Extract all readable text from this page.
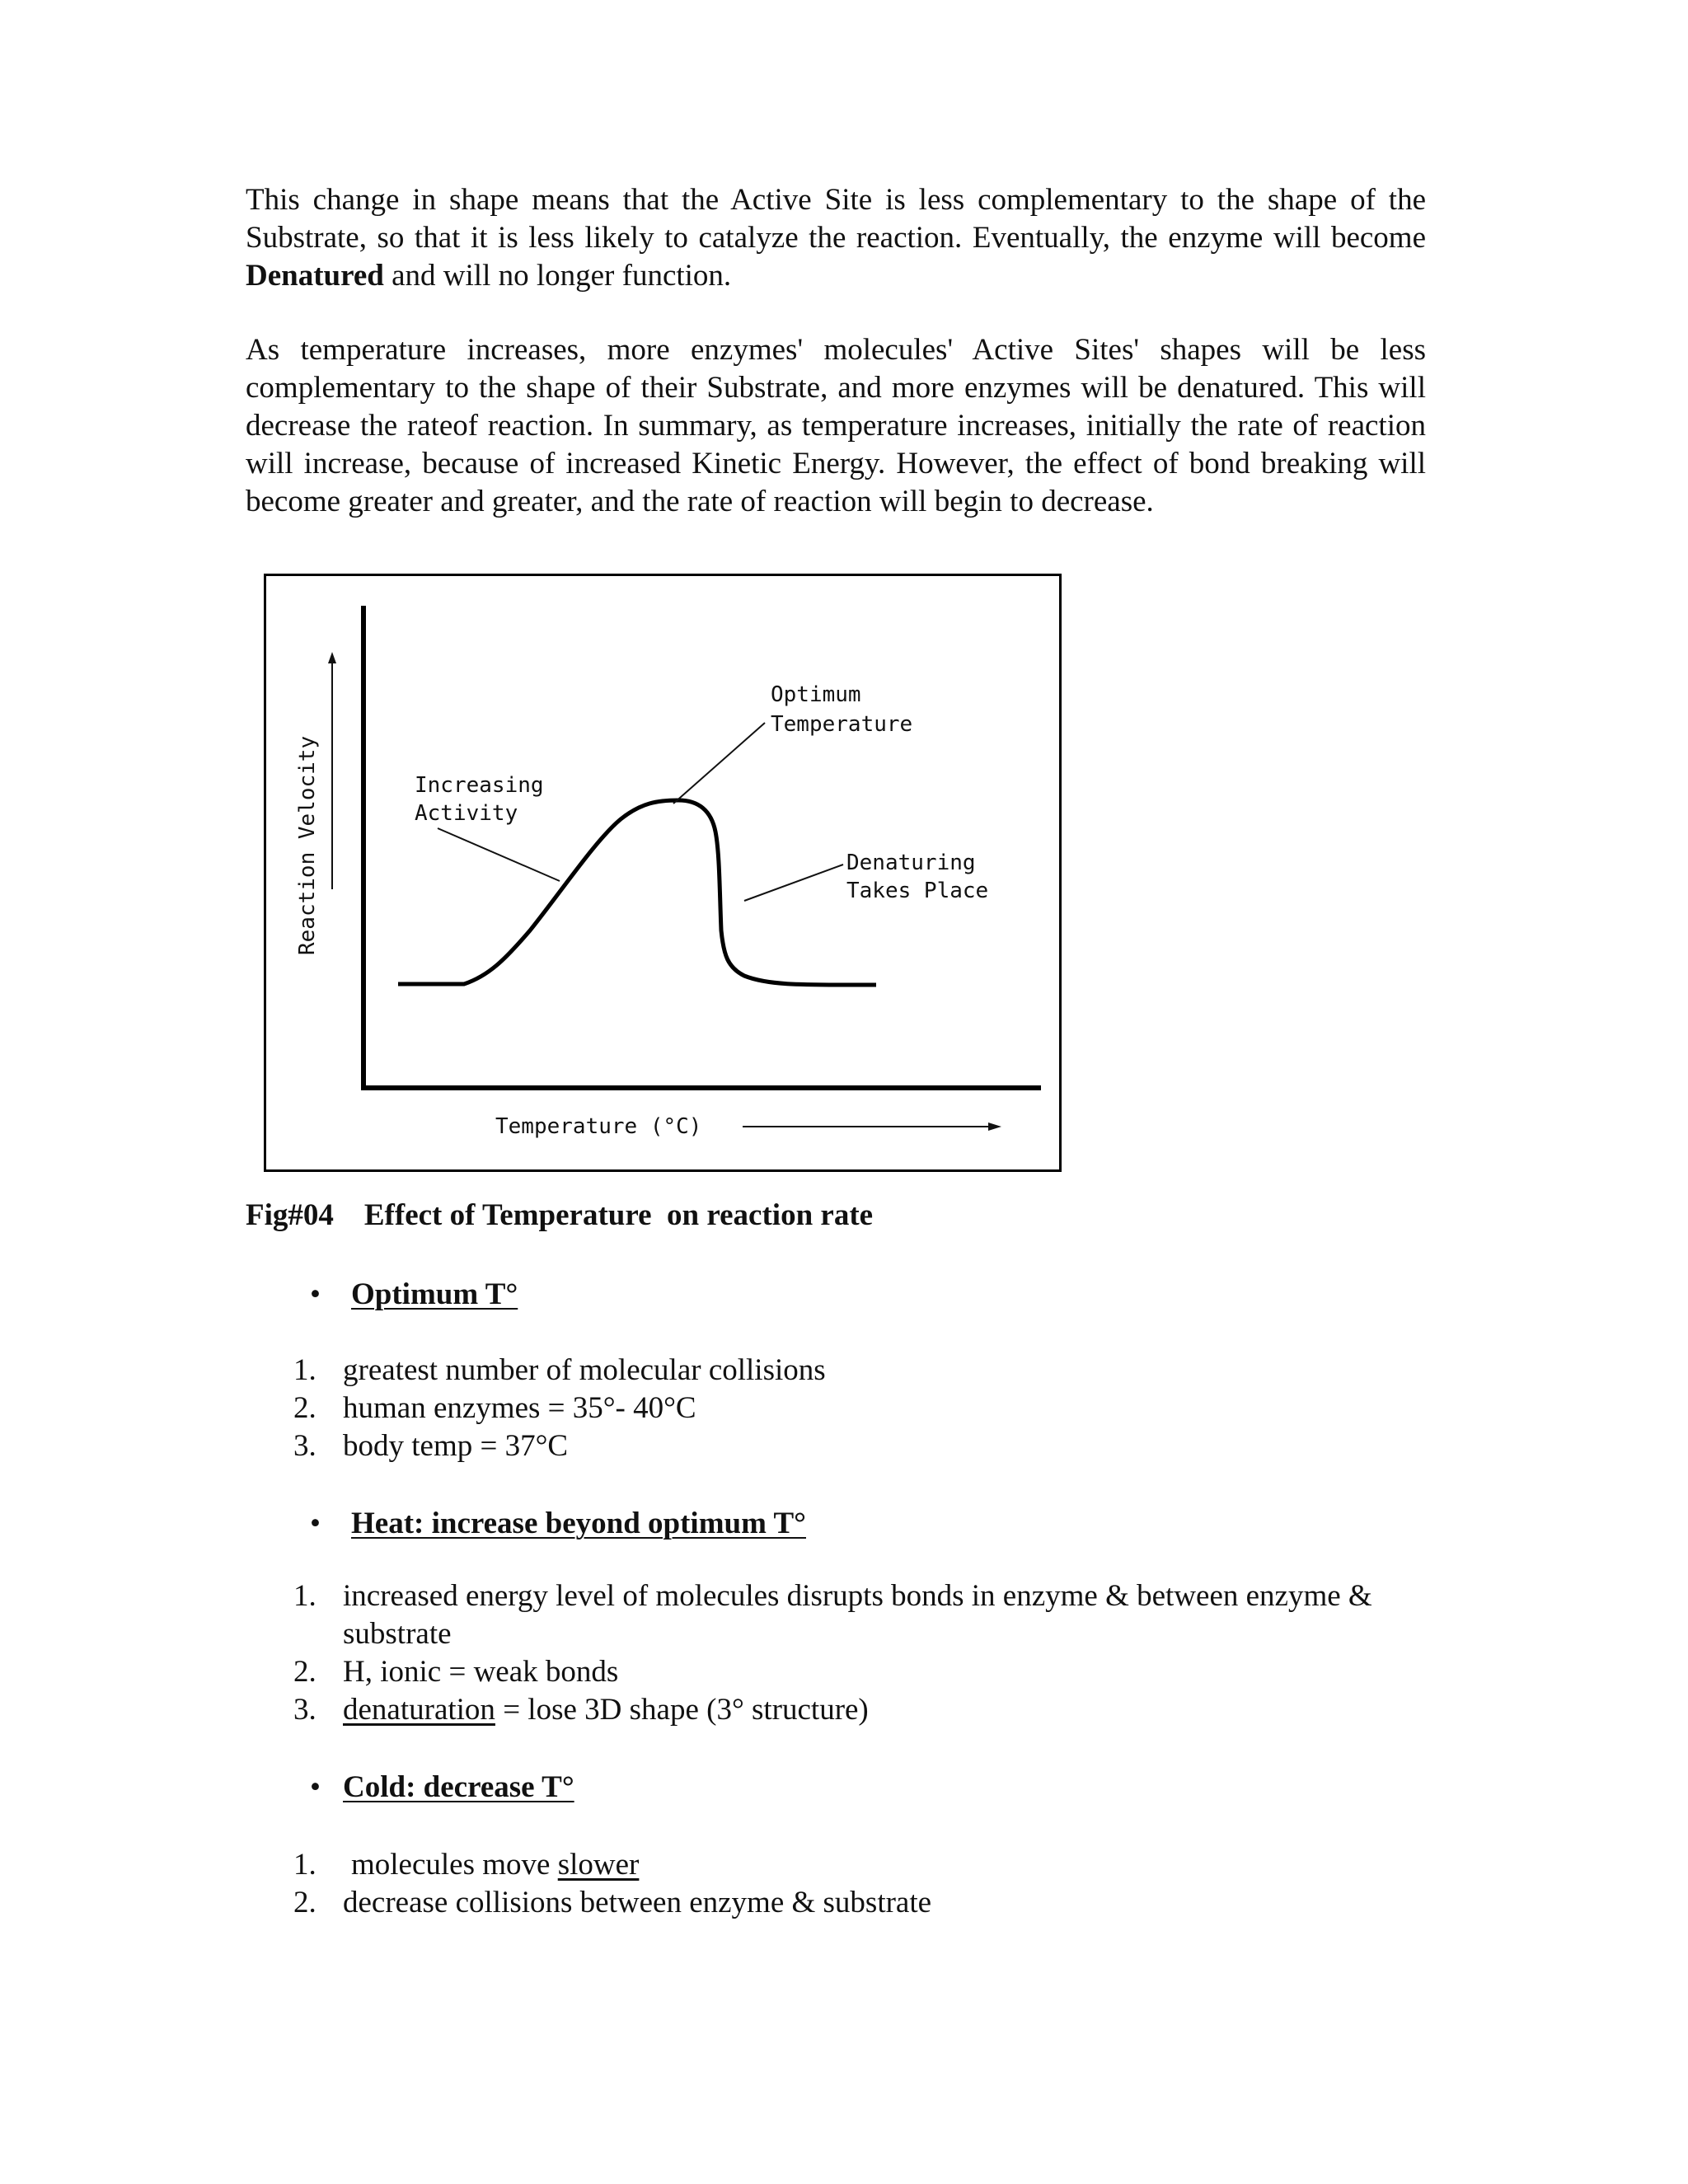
This change in shape means that the Active Site is less complementary to the shape of the Substrate, so that it is less likely to catalyze the reaction. Eventually, the enzyme will become Denatured and will no longer function.

As temperature increases, more enzymes' molecules' Active Sites' shapes will be less complementary to the shape of their Substrate, and more enzymes will be denatured. This will decrease the rateof reaction. In summary, as temperature increases, initially the rate of reaction will increase, because of increased Kinetic Energy. However, the effect of bond breaking will become greater and greater, and the rate of reaction will begin to decrease.

Reaction Velocity	Increasing
Activity
Optimum
Temperature
Denaturing
Takes Place
Temperature (°C)
Fig#04    Effect of Temperature  on reaction rate
• Optimum T°
1. greatest number of molecular collisions
2. human enzymes = 35°- 40°C
3. body temp = 37°C
• Heat: increase beyond optimum T°
1. increased energy level of molecules disrupts bonds in enzyme & between enzyme & substrate
2. H, ionic = weak bonds
3. denaturation = lose 3D shape (3° structure)
• Cold: decrease T°
1. molecules move slower
2. decrease collisions between enzyme & substrate
